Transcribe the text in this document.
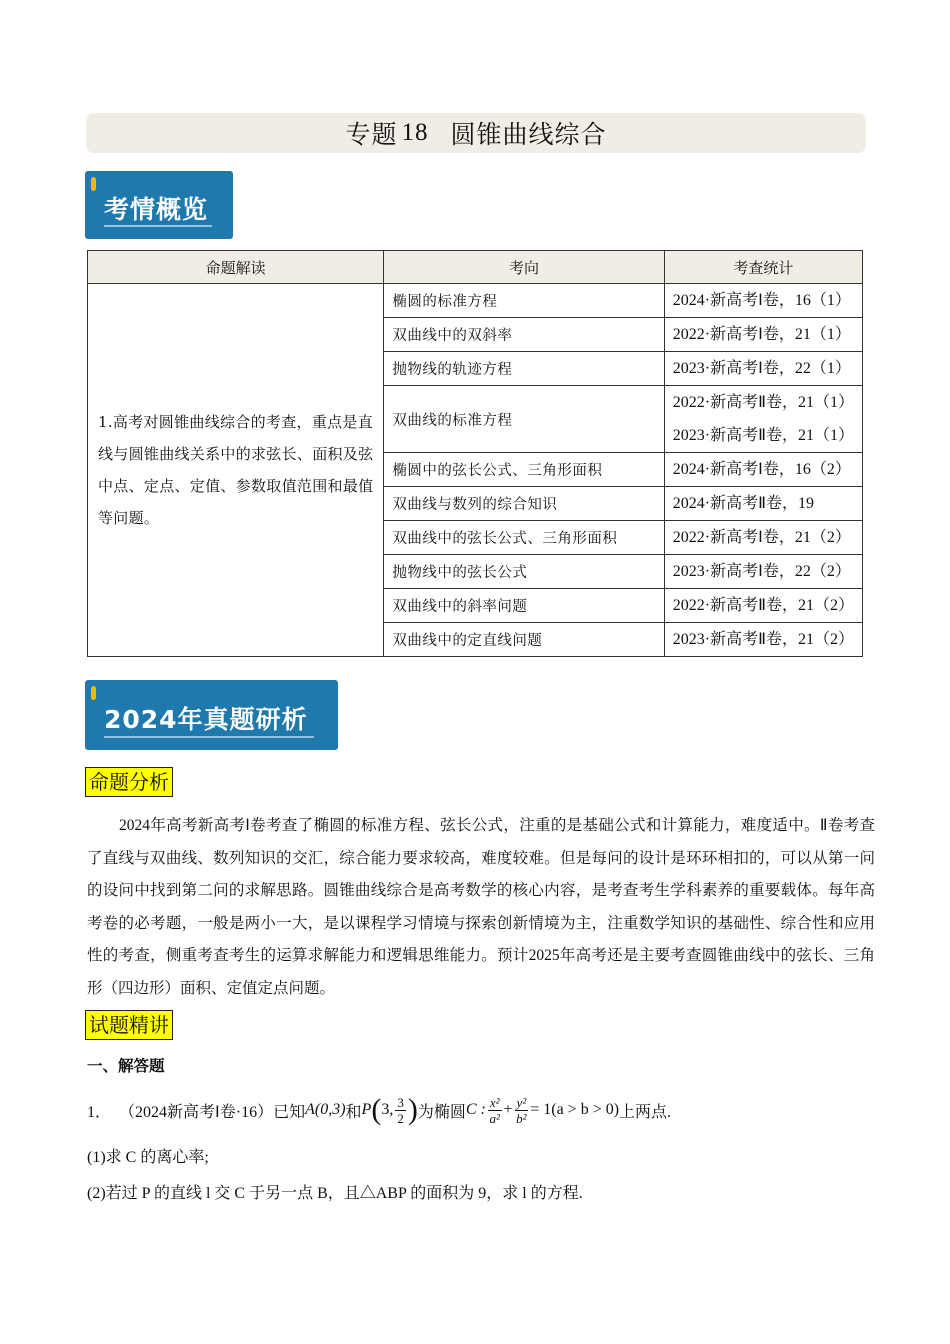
专题 18 圆锥曲线综合
考情概览
命题解读	考向	考查统计
1.高考对圆锥曲线综合的考查，重点是直线与圆锥曲线关系中的求弦长、面积及弦中点、定点、定值、参数取值范围和最值等问题。	椭圆的标准方程	2024·新高考Ⅰ卷，16（1）

	双曲线中的双斜率	2022·新高考Ⅰ卷，21（1）

	抛物线的轨迹方程	2023·新高考Ⅰ卷，22（1）

	双曲线的标准方程	2022·新高考Ⅱ卷，21（1）
2023·新高考Ⅱ卷，21（1）

	椭圆中的弦长公式、三角形面积	2024·新高考Ⅰ卷，16（2）

	双曲线与数列的综合知识	2024·新高考Ⅱ卷，19

	双曲线中的弦长公式、三角形面积	2022·新高考Ⅰ卷，21（2）

	抛物线中的弦长公式	2023·新高考Ⅰ卷，22（2）

	双曲线中的斜率问题	2022·新高考Ⅱ卷，21（2）

	双曲线中的定直线问题	2023·新高考Ⅱ卷，21（2）
2024年真题研析
命题分析

2024年高考新高考Ⅰ卷考查了椭圆的标准方程、弦长公式，注重的是基础公式和计算能力，难度适中。Ⅱ卷考查了直线与双曲线、数列知识的交汇，综合能力要求较高，难度较难。但是每问的设计是环环相扣的，可以从第一问的设问中找到第二问的求解思路。圆锥曲线综合是高考数学的核心内容，是考查考生学科素养的重要载体。每年高考卷的必考题，一般是两小一大，是以课程学习情境与探索创新情境为主，注重数学知识的基础性、综合性和应用性的考查，侧重考查考生的运算求解能力和逻辑思维能力。预计2025年高考还是主要考查圆锥曲线中的弦长、三角形（四边形）面积、定值定点问题。

试题精讲
一、解答题
1． （2024新高考Ⅰ卷·16） 已知 A(0,3) 和 P ( 3, $\frac{3}{2}$ ) 为椭圆 C : $\frac{\text{x²}}{\text{a²}} + \frac{\text{y²}}{\text{b²}} = 1(a > b > 0)$ 上两点.
(1)求 C 的离心率;
(2)若过 P 的直线 l 交 C 于另一点 B，且△ABP 的面积为 9，求 l 的方程.
